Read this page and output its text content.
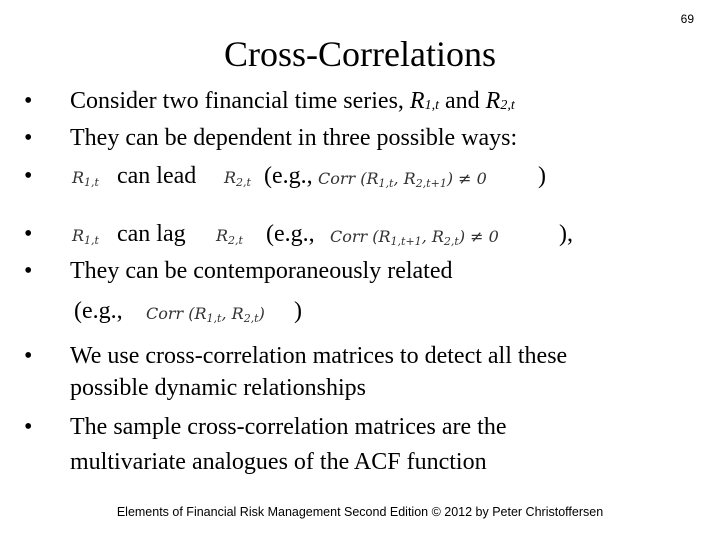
69
Cross-Correlations
•	Consider two financial time series, R1,t and R2,t
•	They can be dependent in three possible ways:
•	R1,t can lead R2,t (e.g., Corr (R1,t, R2,t+1) ≠ 0 )
•	R1,t can lag R2,t (e.g., Corr (R1,t+1, R2,t) ≠ 0	),
•	They can be contemporaneously related
(e.g., Corr (R1,t, R2,t) )
•	We use cross-correlation matrices to detect all these
possible dynamic relationships
•	The sample cross-correlation matrices are the
multivariate analogues of the ACF function
Elements of Financial Risk Management Second Edition © 2012 by Peter Christoffersen
